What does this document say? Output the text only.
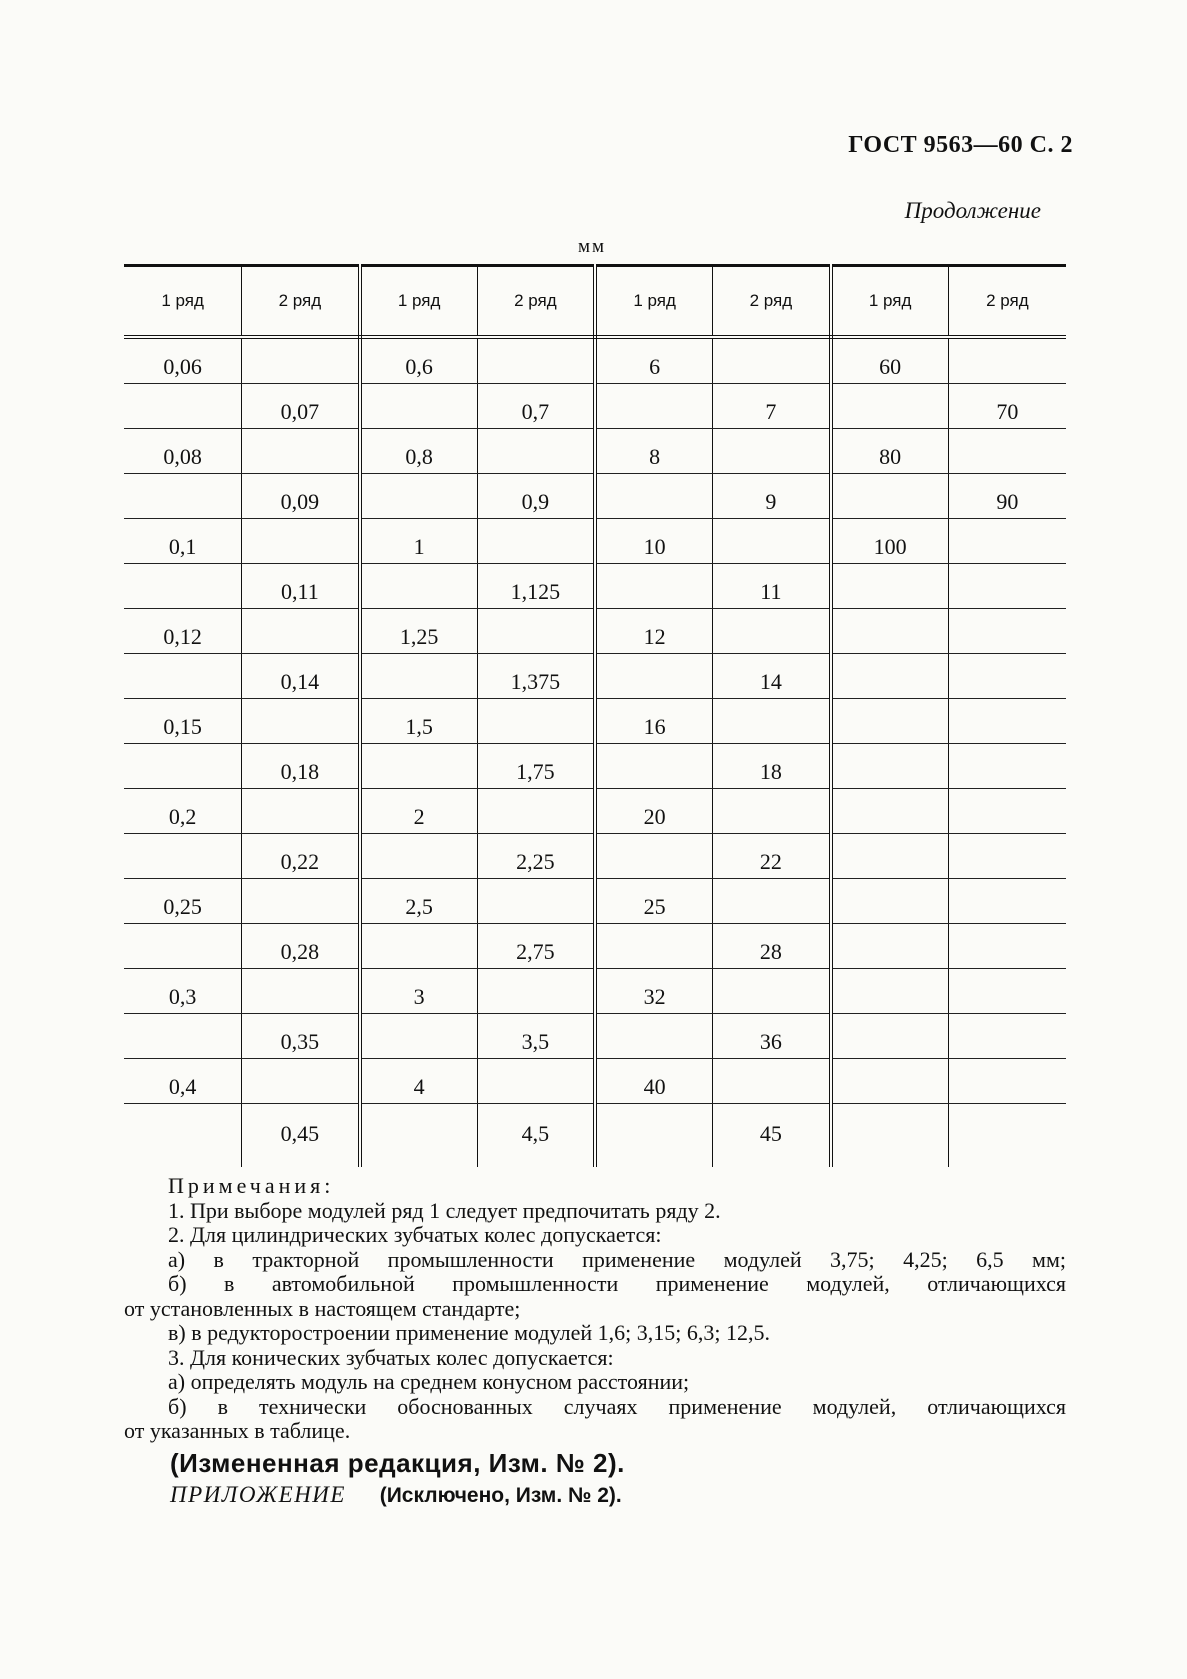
ГОСТ 9563—60 С. 2
Продолжение
мм
1 ряд	2 ряд	1 ряд	2 ряд	1 ряд	2 ряд	1 ряд	2 ряд
0,06		0,6		6		60	
	0,07		0,7		7		70
0,08		0,8		8		80	
	0,09		0,9		9		90
0,1		1		10		100	
	0,11		1,125		11		
0,12		1,25		12			
	0,14		1,375		14		
0,15		1,5		16			
	0,18		1,75		18		
0,2		2		20			
	0,22		2,25		22		
0,25		2,5		25			
	0,28		2,75		28		
0,3		3		32			
	0,35		3,5		36		
0,4		4		40			
	0,45		4,5		45		
Примечания:
1. При выборе модулей ряд 1 следует предпочитать ряду 2.
2. Для цилиндрических зубчатых колес допускается:
а) в тракторной промышленности применение модулей 3,75; 4,25; 6,5 мм;
б) в автомобильной промышленности применение модулей, отличающихся
от установленных в настоящем стандарте;
в) в редукторостроении применение модулей 1,6; 3,15; 6,3; 12,5.
3. Для конических зубчатых колес допускается:
а) определять модуль на среднем конусном расстоянии;
б) в технически обоснованных случаях применение модулей, отличающихся
от указанных в таблице.
(Измененная редакция, Изм. № 2).
ПРИЛОЖЕНИЕ (Исключено, Изм. № 2).
